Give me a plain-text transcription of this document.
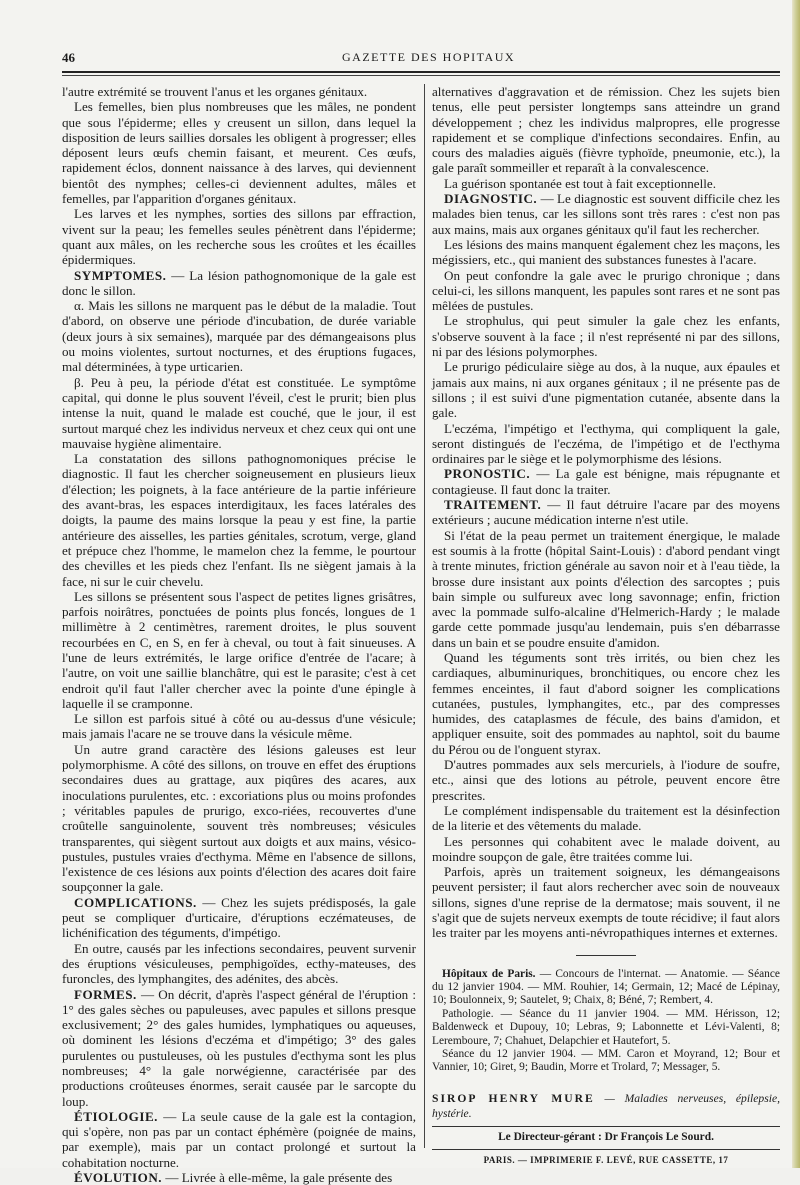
46	GAZETTE DES HOPITAUX

l'autre extrémité se trouvent l'anus et les organes génitaux.

Les femelles, bien plus nombreuses que les mâles, ne pondent que sous l'épiderme; elles y creusent un sillon, dans lequel la disposition de leurs saillies dorsales les obligent à progresser; elles déposent leurs œufs chemin faisant, et meurent. Ces œufs, rapidement éclos, donnent naissance à des larves, qui deviennent bientôt des nymphes; celles-ci deviennent adultes, mâles et femelles, par l'apparition d'organes génitaux.

Les larves et les nymphes, sorties des sillons par effraction, vivent sur la peau; les femelles seules pénètrent dans l'épiderme; quant aux mâles, on les recherche sous les croûtes et les écailles épidermiques.

SYMPTOMES. — La lésion pathognomonique de la gale est donc le sillon.

α. Mais les sillons ne marquent pas le début de la maladie. Tout d'abord, on observe une période d'incubation, de durée variable (deux jours à six semaines), marquée par des démangeaisons plus ou moins violentes, surtout nocturnes, et des éruptions fugaces, mal déterminées, à type urticarien.

β. Peu à peu, la période d'état est constituée. Le symptôme capital, qui donne le plus souvent l'éveil, c'est le prurit; bien plus intense la nuit, quand le malade est couché, que le jour, il est surtout marqué chez les individus nerveux et chez ceux qui ont une mauvaise hygiène alimentaire.

La constatation des sillons pathognomoniques précise le diagnostic. Il faut les chercher soigneusement en plusieurs lieux d'élection; les poignets, à la face antérieure de la partie inférieure des avant-bras, les espaces interdigitaux, les faces latérales des doigts, la paume des mains lorsque la peau y est fine, la partie antérieure des aisselles, les parties génitales, scrotum, verge, gland et prépuce chez l'homme, le mamelon chez la femme, le pourtour des chevilles et les pieds chez l'enfant. Ils ne siègent jamais à la face, ni sur le cuir chevelu.

Les sillons se présentent sous l'aspect de petites lignes grisâtres, parfois noirâtres, ponctuées de points plus foncés, longues de 1 millimètre à 2 centimètres, rarement droites, le plus souvent recourbées en C, en S, en fer à cheval, ou tout à fait sinueuses. A l'une de leurs extrémités, le large orifice d'entrée de l'acare; à l'autre, on voit une saillie blanchâtre, qui est le parasite; c'est à cet endroit qu'il faut l'aller chercher avec la pointe d'une épingle à laquelle il se cramponne.

Le sillon est parfois situé à côté ou au-dessus d'une vésicule; mais jamais l'acare ne se trouve dans la vésicule même.

Un autre grand caractère des lésions galeuses est leur polymorphisme. A côté des sillons, on trouve en effet des éruptions secondaires dues au grattage, aux piqûres des acares, aux inoculations purulentes, etc. : excoriations plus ou moins profondes ; véritables papules de prurigo, exco-riées, recouvertes d'une croûtelle sanguinolente, souvent très nombreuses; vésicules transparentes, qui siègent surtout aux doigts et aux mains, vésico-pustules, pustules vraies d'ecthyma. Même en l'absence de sillons, l'existence de ces lésions aux points d'élection des acares doit faire soupçonner la gale.

COMPLICATIONS. — Chez les sujets prédisposés, la gale peut se compliquer d'urticaire, d'éruptions eczémateuses, de lichénification des téguments, d'impétigo.

En outre, causés par les infections secondaires, peuvent survenir des éruptions vésiculeuses, pemphigoïdes, ecthy-mateuses, des furoncles, des lymphangites, des adénites, des abcès.

FORMES. — On décrit, d'après l'aspect général de l'éruption : 1° des gales sèches ou papuleuses, avec papules et sillons presque exclusivement; 2° des gales humides, lymphatiques ou aqueuses, où dominent les lésions d'eczéma et d'impétigo; 3° des gales purulentes ou pustuleuses, où les pustules d'ecthyma sont les plus nombreuses; 4° la gale norwégienne, caractérisée par des productions croûteuses énormes, serait causée par le sarcopte du loup.

ÉTIOLOGIE. — La seule cause de la gale est la contagion, qui s'opère, non pas par un contact éphémère (poignée de mains, par exemple), mais par un contact prolongé et surtout la cohabitation nocturne.

ÉVOLUTION. — Livrée à elle-même, la gale présente des

alternatives d'aggravation et de rémission. Chez les sujets bien tenus, elle peut persister longtemps sans atteindre un grand développement ; chez les individus malpropres, elle progresse rapidement et se complique d'infections secondaires. Enfin, au cours des maladies aiguës (fièvre typhoïde, pneumonie, etc.), la gale paraît sommeiller et reparaît à la convalescence.

La guérison spontanée est tout à fait exceptionnelle.

DIAGNOSTIC. — Le diagnostic est souvent difficile chez les malades bien tenus, car les sillons sont très rares : c'est non pas aux mains, mais aux organes génitaux qu'il faut les rechercher.

Les lésions des mains manquent également chez les maçons, les mégissiers, etc., qui manient des substances funestes à l'acare.

On peut confondre la gale avec le prurigo chronique ; dans celui-ci, les sillons manquent, les papules sont rares et ne sont pas mêlées de pustules.

Le strophulus, qui peut simuler la gale chez les enfants, s'observe souvent à la face ; il n'est représenté ni par des sillons, ni par des lésions polymorphes.

Le prurigo pédiculaire siège au dos, à la nuque, aux épaules et jamais aux mains, ni aux organes génitaux ; il ne présente pas de sillons ; il est suivi d'une pigmentation cutanée, absente dans la gale.

L'eczéma, l'impétigo et l'ecthyma, qui compliquent la gale, seront distingués de l'eczéma, de l'impétigo et de l'ecthyma ordinaires par le siège et le polymorphisme des lésions.

PRONOSTIC. — La gale est bénigne, mais répugnante et contagieuse. Il faut donc la traiter.

TRAITEMENT. — Il faut détruire l'acare par des moyens extérieurs ; aucune médication interne n'est utile.

Si l'état de la peau permet un traitement énergique, le malade est soumis à la frotte (hôpital Saint-Louis) : d'abord pendant vingt à trente minutes, friction générale au savon noir et à l'eau tiède, la brosse dure insistant aux points d'élection des sarcoptes ; puis bain simple ou sulfureux avec long savonnage; enfin, friction avec la pommade sulfo-alcaline d'Helmerich-Hardy ; le malade garde cette pommade jusqu'au lendemain, puis s'en débarrasse dans un bain et se poudre ensuite d'amidon.

Quand les téguments sont très irrités, ou bien chez les cardiaques, albuminuriques, bronchitiques, ou encore chez les femmes enceintes, il faut d'abord soigner les complications cutanées, pustules, lymphangites, etc., par des compresses humides, des cataplasmes de fécule, des bains d'amidon, et appliquer ensuite, soit des pommades au naphtol, soit du baume du Pérou ou de l'onguent styrax.

D'autres pommades aux sels mercuriels, à l'iodure de soufre, etc., ainsi que des lotions au pétrole, peuvent encore être prescrites.

Le complément indispensable du traitement est la désinfection de la literie et des vêtements du malade.

Les personnes qui cohabitent avec le malade doivent, au moindre soupçon de gale, être traitées comme lui.

Parfois, après un traitement soigneux, les démangeaisons peuvent persister; il faut alors rechercher avec soin de nouveaux sillons, signes d'une reprise de la dermatose; mais souvent, il ne s'agit que de sujets nerveux exempts de toute récidive; il faut alors les traiter par les moyens anti-névropathiques internes et externes.

Hôpitaux de Paris. — Concours de l'internat. — Anatomie. — Séance du 12 janvier 1904. — MM. Rouhier, 14; Germain, 12; Macé de Lépinay, 10; Boulonneix, 9; Sautelet, 9; Chaix, 8; Béné, 7; Rembert, 4.

Pathologie. — Séance du 11 janvier 1904. — MM. Hérisson, 12; Baldenweck et Dupouy, 10; Lebras, 9; Labonnette et Lévi-Valenti, 8; Leremboure, 7; Chahuet, Delapchier et Hautefort, 5.

Séance du 12 janvier 1904. — MM. Caron et Moyrand, 12; Bour et Vannier, 10; Giret, 9; Baudin, Morre et Trolard, 7; Messager, 5.

SIROP HENRY MURE — Maladies nerveuses, épilepsie, hystérie.
Le Directeur-gérant : Dr François Le Sourd.
PARIS. — IMPRIMERIE F. LEVÉ, RUE CASSETTE, 17
